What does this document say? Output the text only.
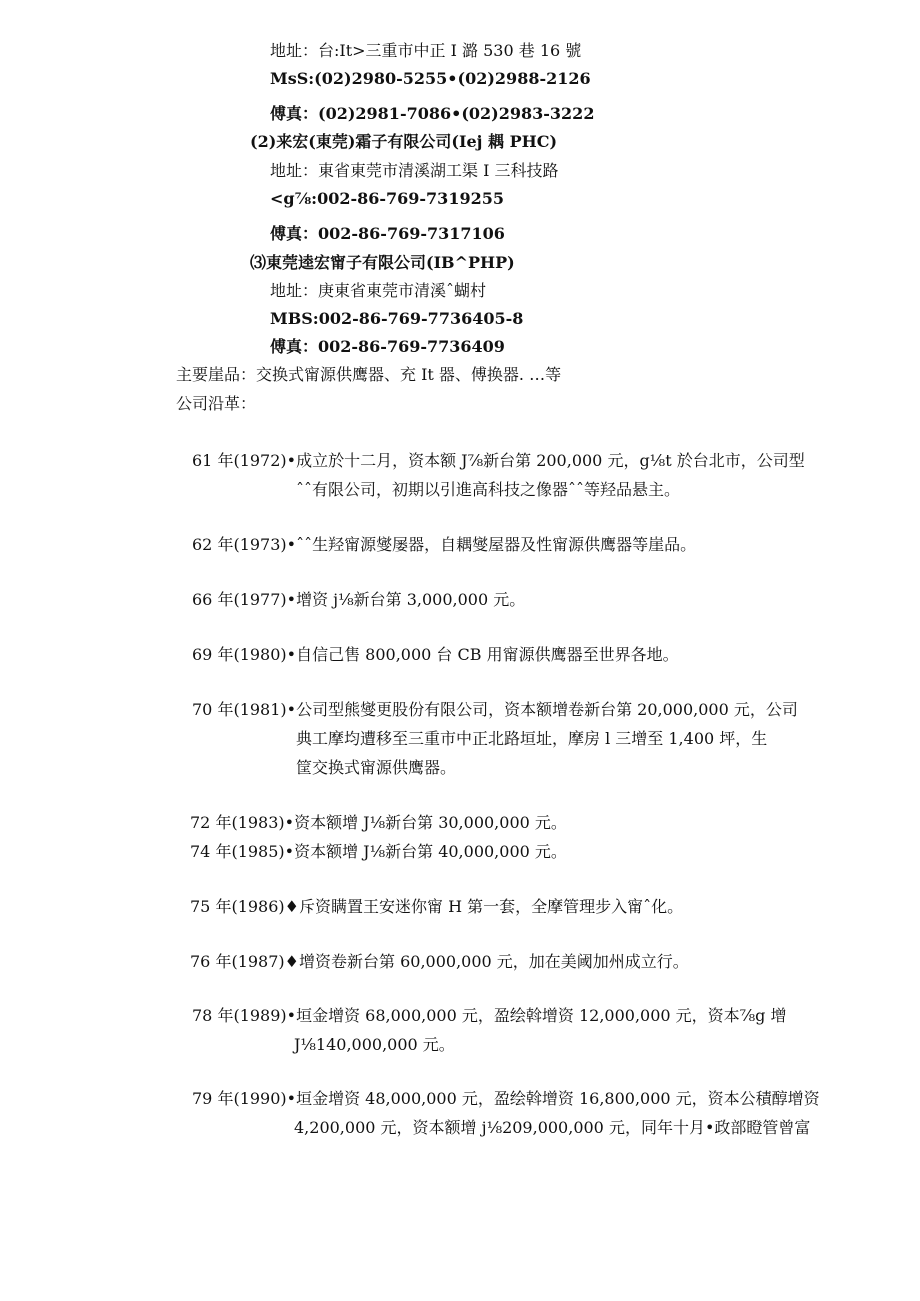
地址：台:It>三重市中正 I 潞 530 巷 16 號
MsS:(02)2980-5255•(02)2988-2126
傅真：(02)2981-7086•(02)2983-3222
(2)来宏(東莞)霜子有限公司(Iej 耦 PHC)
地址：東省東莞市清溪湖工渠 I 三科技路
<g⅞:002-86-769-7319255
傅真：002-86-769-7317106
⑶東莞逵宏甯子有限公司(IB^PHP)
地址：庚東省東莞市清溪ˆ蝴村
MBS:002-86-769-7736405-8
傅真：002-86-769-7736409
主要崖品：交换式甯源供鹰器、充 It 器、傅换器. …等
公司沿革：
61 年(1972)•成立於十二月，资本额 J⅞新台第 200,000 元，g⅛t 於台北市，公司型
ˆˆ有限公司，初期以引進高科技之像器ˆˆ等羟品悬主。
62 年(1973)•ˆˆ生羟甯源燮屡器，自耦燮屋器及性甯源供鹰器等崖品。
66 年(1977)•增资 j⅛新台第 3,000,000 元。
69 年(1980)•自信己售 800,000 台 CB 用甯源供鹰器至世界各地。
70 年(1981)•公司型熊燮更股份有限公司，资本额增卷新台第 20,000,000 元，公司
典工摩均遭移至三重市中正北路垣址，摩房 l 三增至 1,400 坪，生
筐交换式甯源供鹰器。
72 年(1983)•资本额增 J⅛新台第 30,000,000 元。
74 年(1985)•资本额增 J⅛新台第 40,000,000 元。
75 年(1986)♦斥资瞒置王安迷你甯 H 第一套，全摩管理步入甯ˆ化。
76 年(1987)♦增资卷新台第 60,000,000 元，加在美阈加州成立行。
78 年(1989)•垣金增资 68,000,000 元，盈绘斡增资 12,000,000 元，资本⅞g 增
J⅛140,000,000 元。
79 年(1990)•垣金增资 48,000,000 元，盈绘斡增资 16,800,000 元，资本公積醇增资
4,200,000 元，资本额增 j⅛209,000,000 元，同年十月•政部瞪管曾富
